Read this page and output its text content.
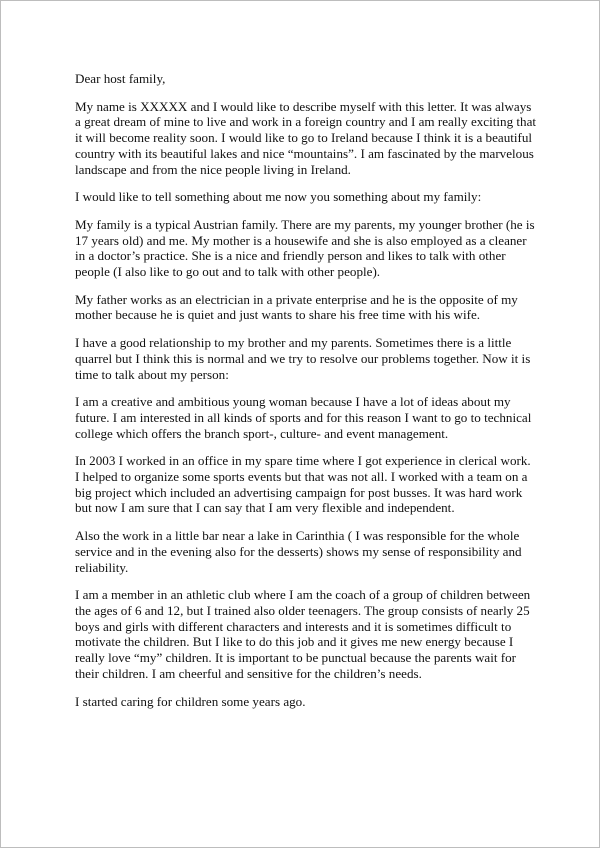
Dear host family,

My name is XXXXX and I would like to describe myself with this letter. It was always a great dream of mine to live and work in a foreign country and I am really exciting that it will become reality soon. I would like to go to Ireland because I think it is a beautiful country with its beautiful lakes and nice “mountains”. I am fascinated by the marvelous landscape and from the nice people living in Ireland.

I would like to tell something about me now you something about my family:

My family is a typical Austrian family. There are my parents, my younger brother (he is 17 years old) and me. My mother is a housewife and she is also employed as a cleaner in a doctor’s practice. She is a nice and friendly person and likes to talk with other people (I also like to go out and to talk with other people).

My father works as an electrician in a private enterprise and he is the opposite of my mother because he is quiet and just wants to share his free time with his wife.

I have a good relationship to my brother and my parents. Sometimes there is a little quarrel but I think this is normal and we try to resolve our problems together. Now it is time to talk about my person:

I am a creative and ambitious young woman because I have a lot of ideas about my future. I am interested in all kinds of sports and for this reason I want to go to technical college which offers the branch sport-, culture- and event management.

In 2003 I worked in an office in my spare time where I got experience in clerical work. I helped to organize some sports events but that was not all. I worked with a team on a big project which included an advertising campaign for post busses. It was hard work but now I am sure that I can say that I am very flexible and independent.

Also the work in a little bar near a lake in Carinthia ( I was responsible for the whole service and in the evening also for the desserts) shows my sense of responsibility and reliability.

I am a member in an athletic club where I am the coach of a group of children between the ages of 6 and 12, but I trained also older teenagers. The group consists of nearly 25 boys and girls with different characters and interests and it is sometimes difficult to motivate the children. But I like to do this job and it gives me new energy because I really love “my” children. It is important to be punctual because the parents wait for their children. I am cheerful and sensitive for the children’s needs.

I started caring for children some years ago.
